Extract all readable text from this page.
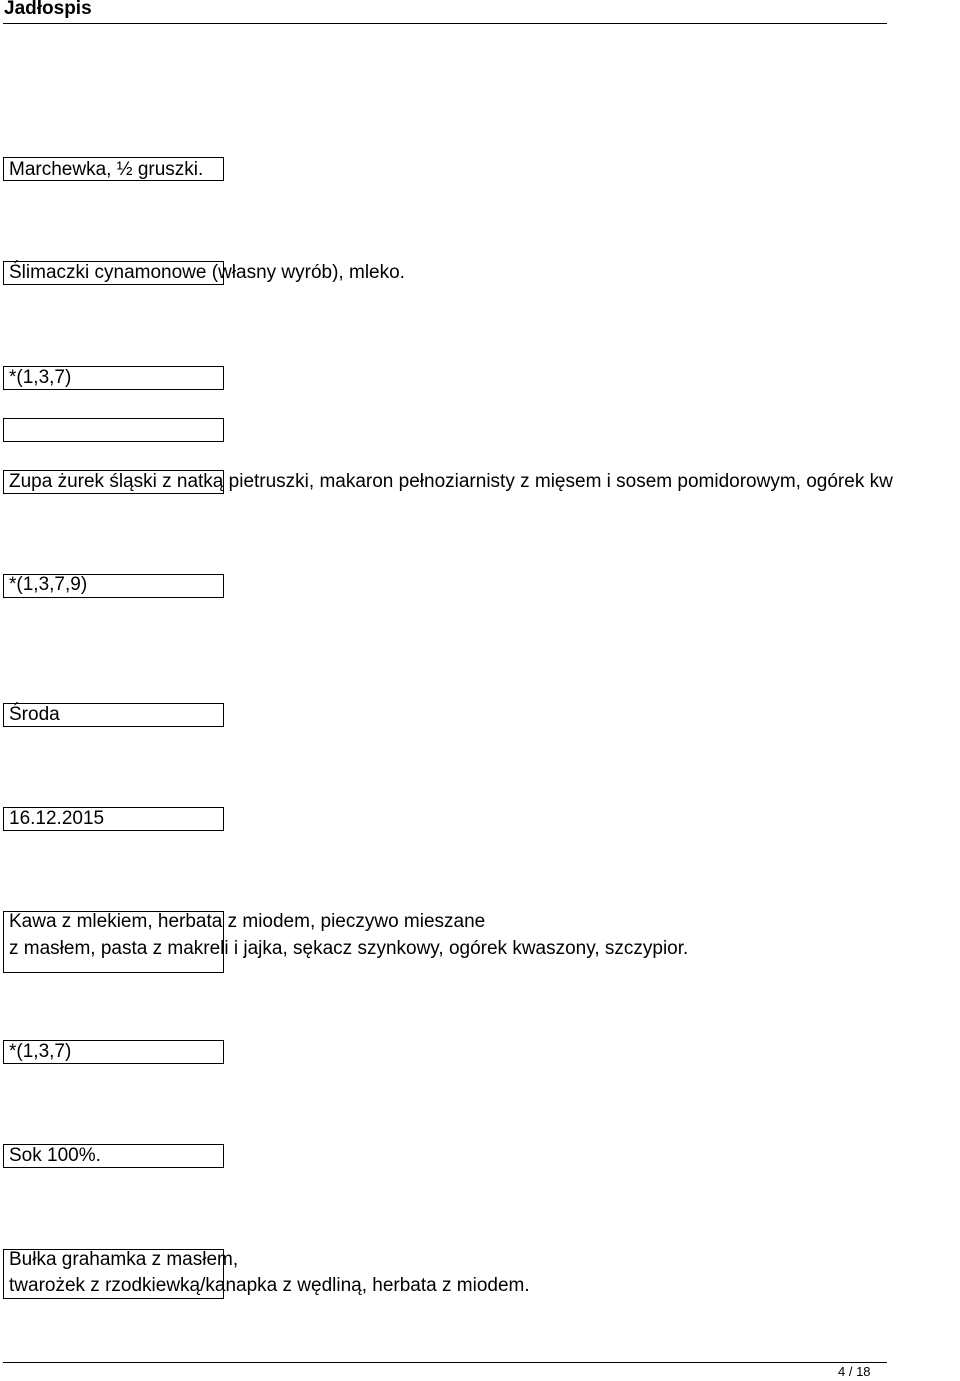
Jadłospis
Marchewka, ½ gruszki.
Ślimaczki cynamonowe (własny wyrób), mleko.
*(1,3,7)
Zupa żurek śląski z natką pietruszki, makaron pełnoziarnisty z mięsem i sosem pomidorowym, ogórek kw
*(1,3,7,9)
Środa
16.12.2015
Kawa z mlekiem, herbata z miodem, pieczywo mieszane
z masłem, pasta z makreli i jajka, sękacz szynkowy, ogórek kwaszony, szczypior.
*(1,3,7)
Sok 100%.
Bułka grahamka z masłem,
twarożek z rzodkiewką/kanapka z wędliną, herbata z miodem.
4 / 18
